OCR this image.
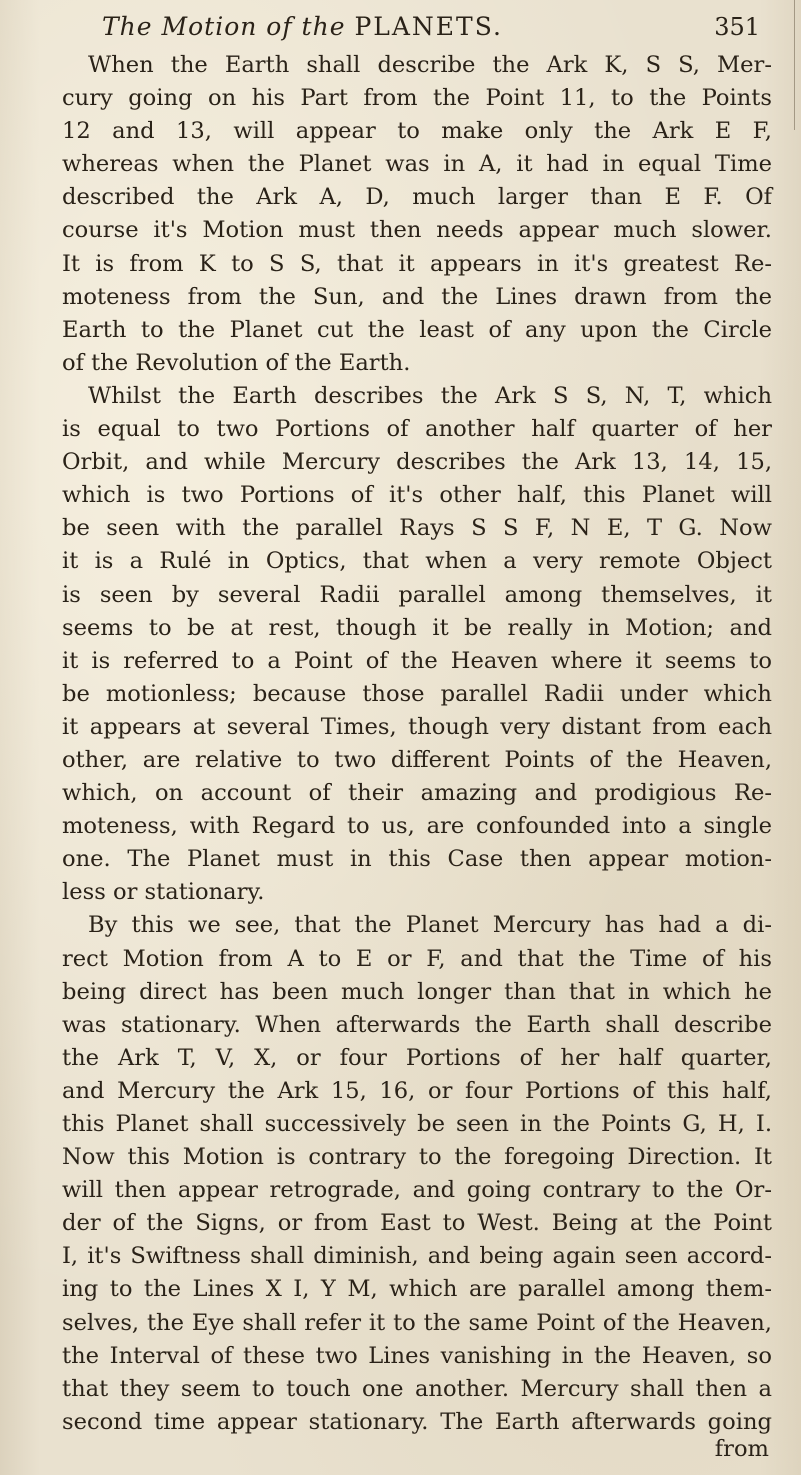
The Motion of the PLANETS.	351
When the Earth shall describe the Ark K, S S, Mer-
cury going on his Part from the Point 11, to the Points
12 and 13, will appear to make only the Ark E F,
whereas when the Planet was in A, it had in equal Time
described the Ark A, D, much larger than E F. Of
course it's Motion must then needs appear much slower.
It is from K to S S, that it appears in it's greatest Re-
moteness from the Sun, and the Lines drawn from the
Earth to the Planet cut the least of any upon the Circle
of the Revolution of the Earth.
Whilst the Earth describes the Ark S S, N, T, which
is equal to two Portions of another half quarter of her
Orbit, and while Mercury describes the Ark 13, 14, 15,
which is two Portions of it's other half, this Planet will
be seen with the parallel Rays S S F, N E, T G. Now
it is a Rulé in Optics, that when a very remote Object
is seen by several Radii parallel among themselves, it
seems to be at rest, though it be really in Motion; and
it is referred to a Point of the Heaven where it seems to
be motionless; because those parallel Radii under which
it appears at several Times, though very distant from each
other, are relative to two different Points of the Heaven,
which, on account of their amazing and prodigious Re-
moteness, with Regard to us, are confounded into a single
one. The Planet must in this Case then appear motion-
less or stationary.
By this we see, that the Planet Mercury has had a di-
rect Motion from A to E or F, and that the Time of his
being direct has been much longer than that in which he
was stationary. When afterwards the Earth shall describe
the Ark T, V, X, or four Portions of her half quarter,
and Mercury the Ark 15, 16, or four Portions of this half,
this Planet shall successively be seen in the Points G, H, I.
Now this Motion is contrary to the foregoing Direction. It
will then appear retrograde, and going contrary to the Or-
der of the Signs, or from East to West. Being at the Point
I, it's Swiftness shall diminish, and being again seen accord-
ing to the Lines X I, Y M, which are parallel among them-
selves, the Eye shall refer it to the same Point of the Heaven,
the Interval of these two Lines vanishing in the Heaven, so
that they seem to touch one another. Mercury shall then a
second time appear stationary. The Earth afterwards going
from
